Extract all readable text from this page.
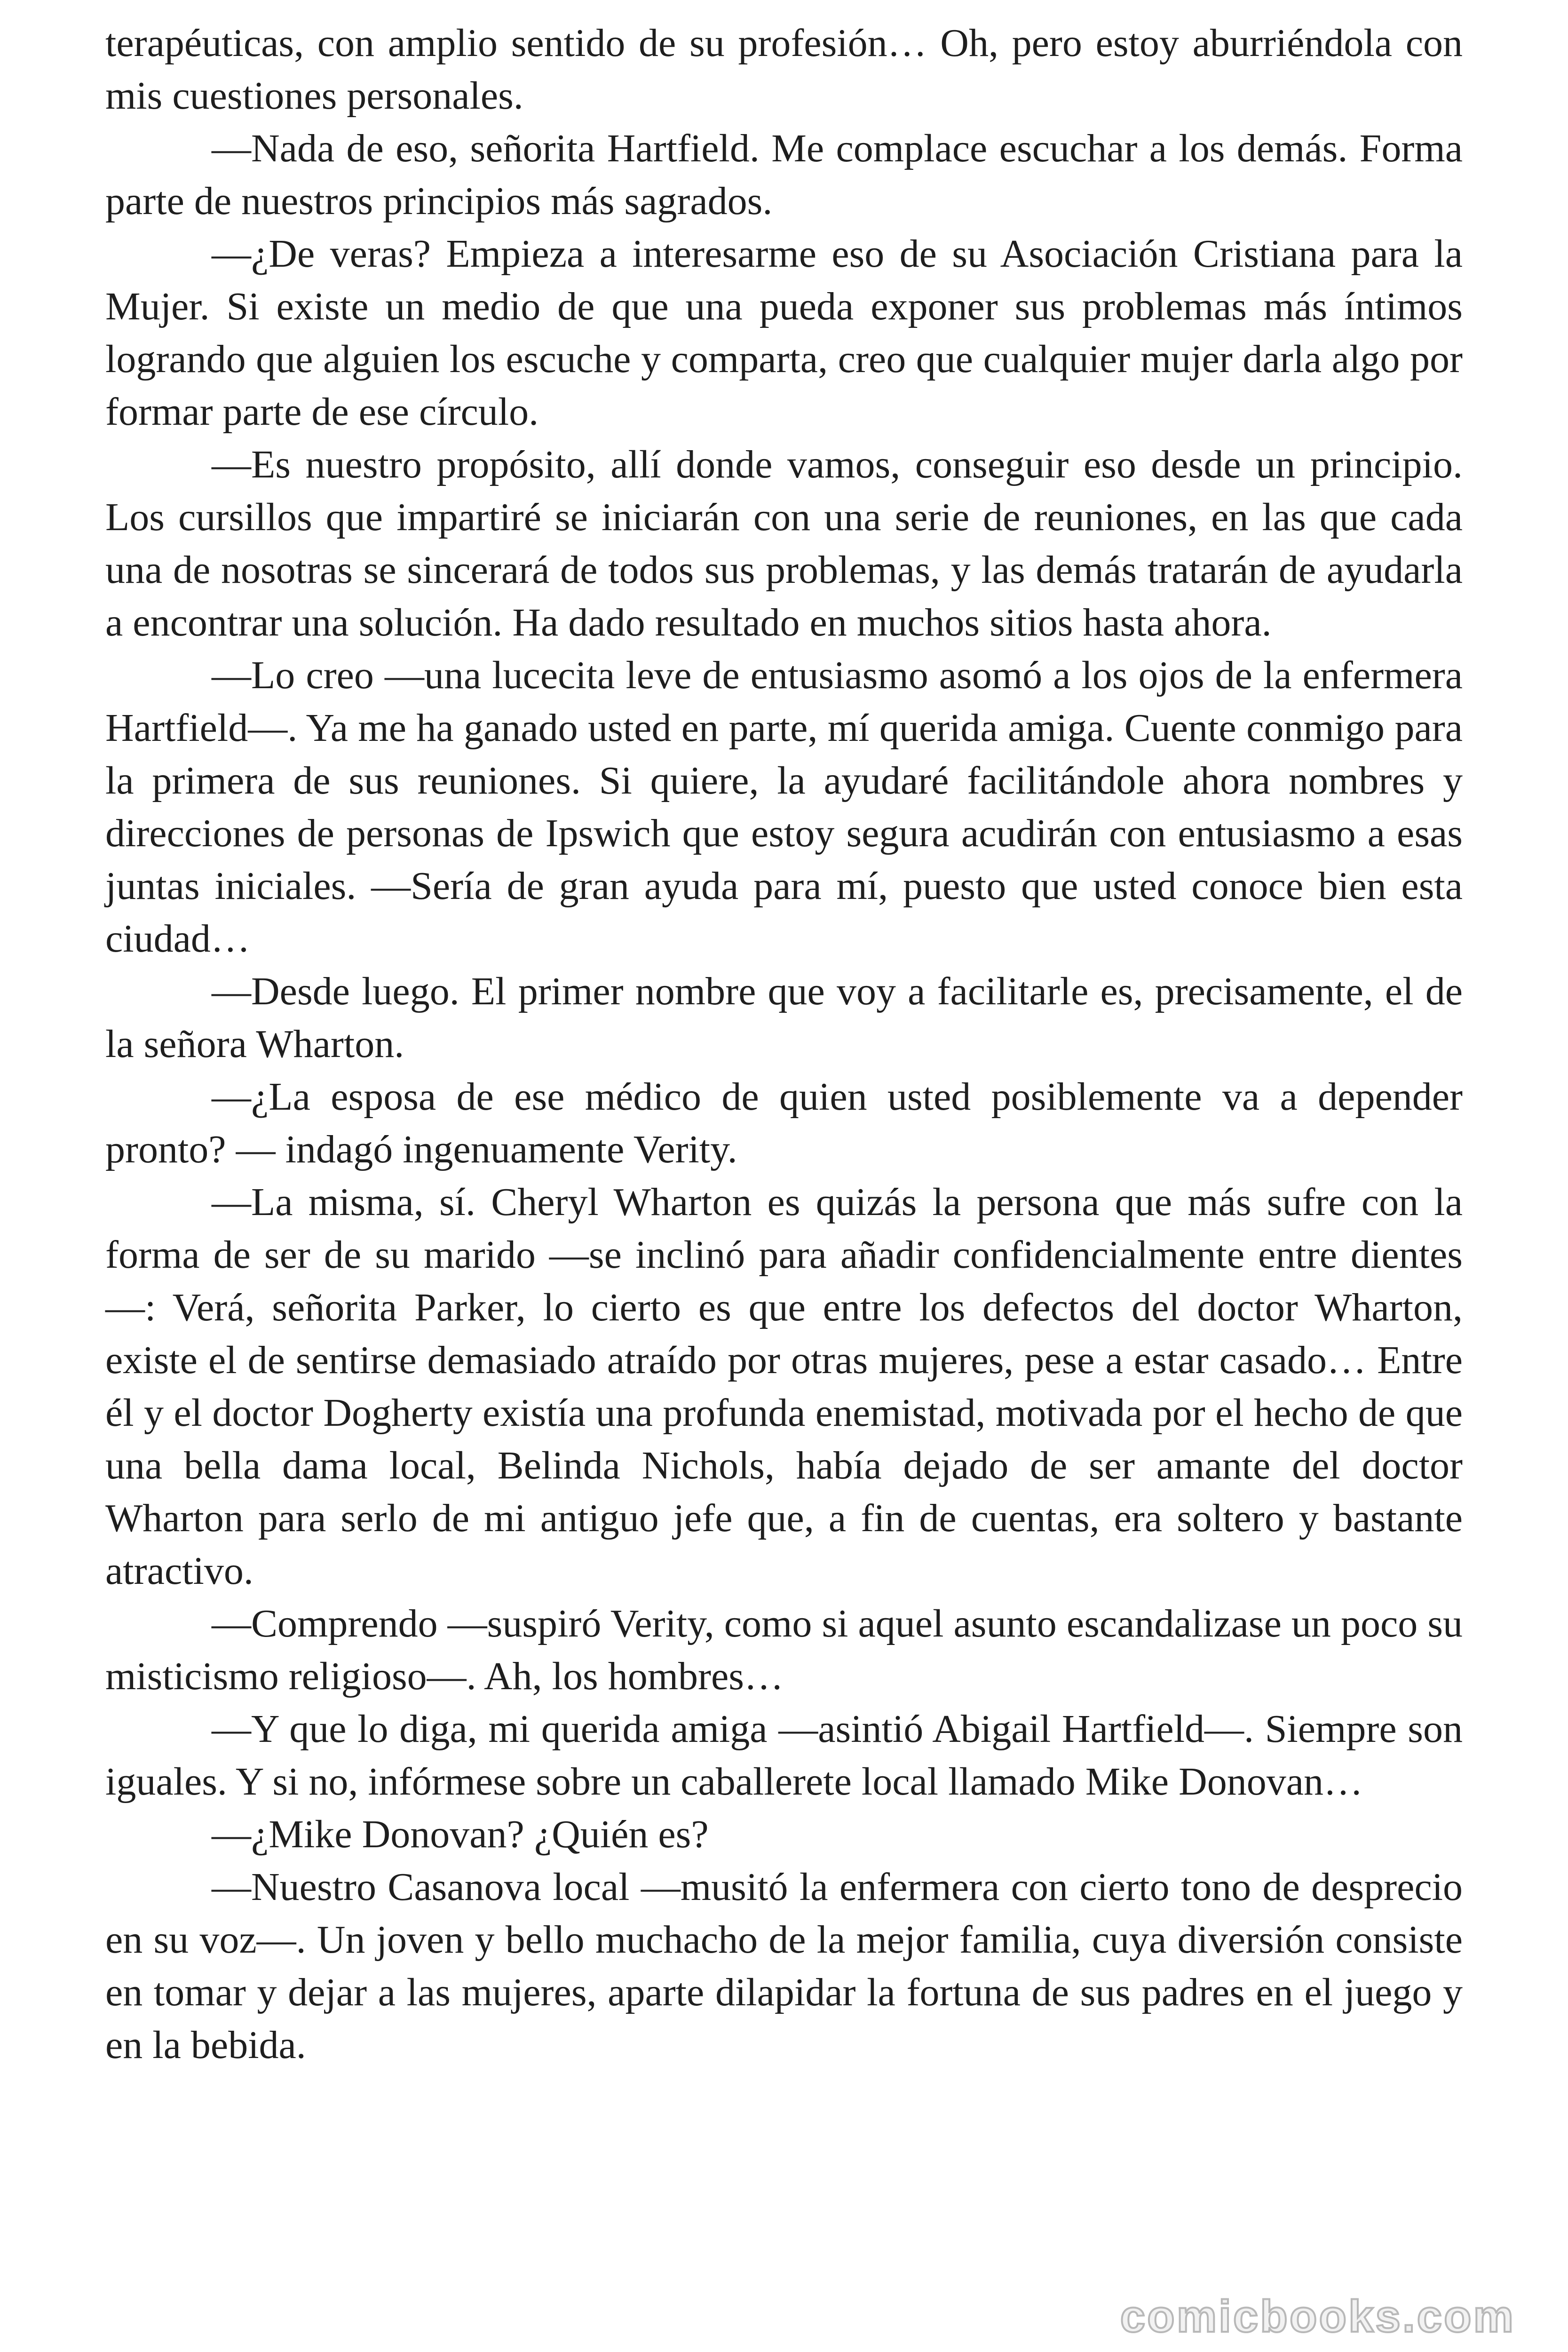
terapéuticas, con amplio sentido de su profesión… Oh, pero estoy aburriéndola con mis cuestiones personales.

—Nada de eso, señorita Hartfield. Me complace escuchar a los demás. Forma parte de nuestros principios más sagrados.

—¿De veras? Empieza a interesarme eso de su Asociación Cristiana para la Mujer. Si existe un medio de que una pueda exponer sus problemas más íntimos logrando que alguien los escuche y comparta, creo que cualquier mujer darla algo por formar parte de ese círculo.

—Es nuestro propósito, allí donde vamos, conseguir eso desde un principio. Los cursillos que impartiré se iniciarán con una serie de reuniones, en las que cada una de nosotras se sincerará de todos sus problemas, y las demás tratarán de ayudarla a encontrar una solución. Ha dado resultado en muchos sitios hasta ahora.

—Lo creo —una lucecita leve de entusiasmo asomó a los ojos de la enfermera Hartfield—. Ya me ha ganado usted en parte, mí querida amiga. Cuente conmigo para la primera de sus reuniones. Si quiere, la ayudaré facilitándole ahora nombres y direcciones de personas de Ipswich que estoy segura acudirán con entusiasmo a esas juntas iniciales. —Sería de gran ayuda para mí, puesto que usted conoce bien esta ciudad…

—Desde luego. El primer nombre que voy a facilitarle es, precisamente, el de la señora Wharton.

—¿La esposa de ese médico de quien usted posiblemente va a depender pronto? — indagó ingenuamente Verity.

—La misma, sí. Cheryl Wharton es quizás la persona que más sufre con la forma de ser de su marido —se inclinó para añadir confidencialmente entre dientes—: Verá, señorita Parker, lo cierto es que entre los defectos del doctor Wharton, existe el de sentirse demasiado atraído por otras mujeres, pese a estar casado… Entre él y el doctor Dogherty existía una profunda enemistad, motivada por el hecho de que una bella dama local, Belinda Nichols, había dejado de ser amante del doctor Wharton para serlo de mi antiguo jefe que, a fin de cuentas, era soltero y bastante atractivo.

—Comprendo —suspiró Verity, como si aquel asunto escandalizase un poco su misticismo religioso—. Ah, los hombres…

—Y que lo diga, mi querida amiga —asintió Abigail Hartfield—. Siempre son iguales. Y si no, infórmese sobre un caballerete local llamado Mike Donovan…

—¿Mike Donovan? ¿Quién es?

—Nuestro Casanova local —musitó la enfermera con cierto tono de desprecio en su voz—. Un joven y bello muchacho de la mejor familia, cuya diversión consiste en tomar y dejar a las mujeres, aparte dilapidar la fortuna de sus padres en el juego y en la bebida.

comicbooks.com
